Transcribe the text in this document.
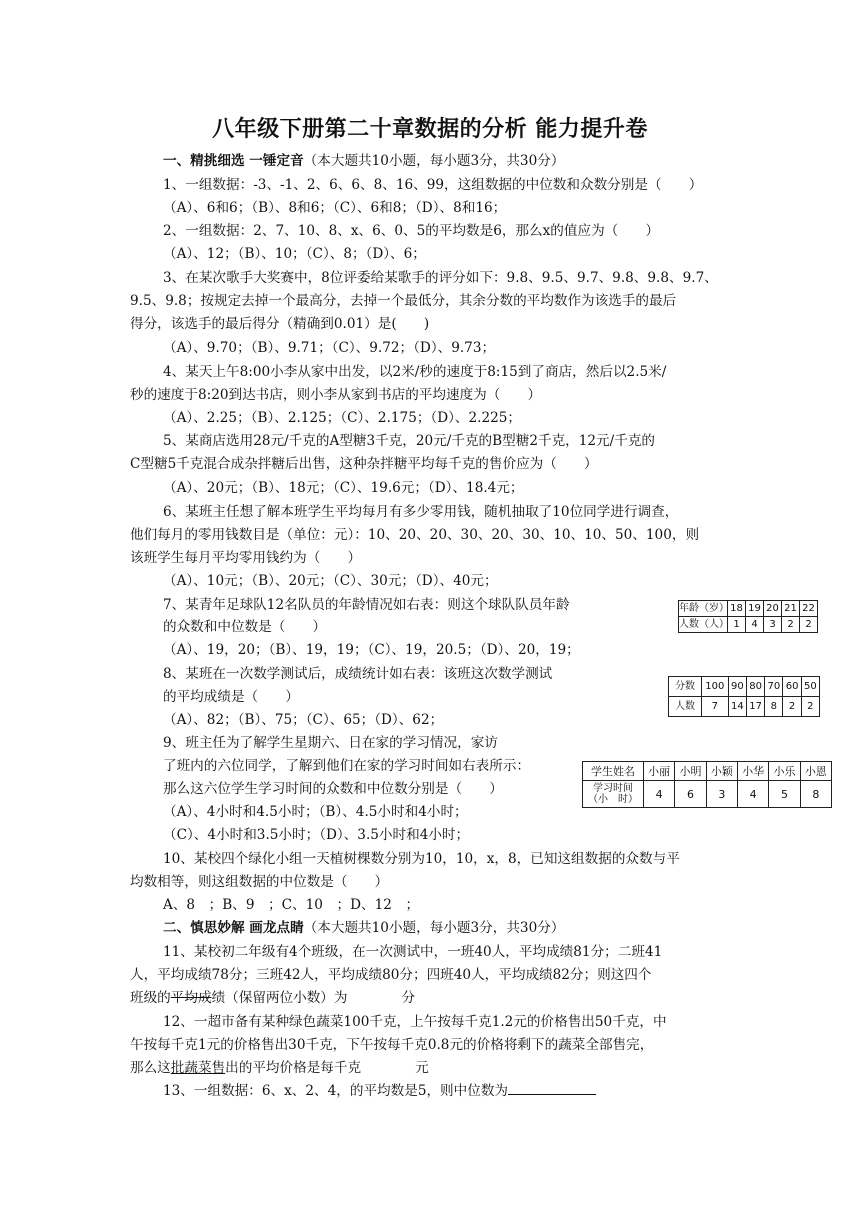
八年级下册第二十章数据的分析 能力提升卷
一、精挑细选 一锤定音（本大题共10小题，每小题3分，共30分）
1、一组数据：-3、-1、2、6、6、8、16、99，这组数据的中位数和众数分别是（　　）
（A）、6和6；（B）、8和6；（C）、6和8；（D）、8和16；
2、一组数据：2、7、10、8、x、6、0、5的平均数是6，那么x的值应为（　　）
（A）、12；（B）、10；（C）、8；（D）、6；
3、在某次歌手大奖赛中，8位评委给某歌手的评分如下：9.8、9.5、9.7、9.8、9.8、9.7、
9.5、9.8；按规定去掉一个最高分，去掉一个最低分，其余分数的平均数作为该选手的最后
得分，该选手的最后得分（精确到0.01）是(　　)
（A）、9.70；（B）、9.71；（C）、9.72；（D）、9.73；
4、某天上午8:00小李从家中出发，以2米/秒的速度于8:15到了商店，然后以2.5米/
秒的速度于8:20到达书店，则小李从家到书店的平均速度为（　　）
（A）、2.25；（B）、2.125；（C）、2.175；（D）、2.225；
5、某商店选用28元/千克的A型糖3千克，20元/千克的B型糖2千克，12元/千克的
C型糖5千克混合成杂拌糖后出售，这种杂拌糖平均每千克的售价应为（　　）
（A）、20元；（B）、18元；（C）、19.6元；（D）、18.4元；
6、某班主任想了解本班学生平均每月有多少零用钱，随机抽取了10位同学进行调查，
他们每月的零用钱数目是（单位：元）：10、20、20、30、20、30、10、10、50、100，则
该班学生每月平均零用钱约为（　　）
（A）、10元；（B）、20元；（C）、30元；（D）、40元；
7、某青年足球队12名队员的年龄情况如右表：则这个球队队员年龄
的众数和中位数是（　　）
（A）、19，20；（B）、19，19；（C）、19，20.5；（D）、20，19；
年龄（岁）	18	19	20	21	22
人数（人）	1	4	3	2	2
8、某班在一次数学测试后，成绩统计如右表：该班这次数学测试
的平均成绩是（　　）
（A）、82；（B）、75；（C）、65；（D）、62；
分数	100	90	80	70	60	50
人数	7	14	17	8	2	2
9、班主任为了解学生星期六、日在家的学习情况，家访
了班内的六位同学，了解到他们在家的学习时间如右表所示：
那么这六位学生学习时间的众数和中位数分别是（　　）
（A）、4小时和4.5小时；（B）、4.5小时和4小时；
（C）、4小时和3.5小时；（D）、3.5小时和4小时；
学生姓名	小丽	小明	小颖	小华	小乐	小恩

学习时间
（小　时）	4	6	3	4	5	8
10、某校四个绿化小组一天植树棵数分别为10，10，x，8，已知这组数据的众数与平
均数相等，则这组数据的中位数是（　　）
A、8　；B、9　；C、10　；D、12　；
二、慎思妙解 画龙点睛（本大题共10小题，每小题3分，共30分）
11、某校初二年级有4个班级，在一次测试中，一班40人，平均成绩81分；二班41
人，平均成绩78分；三班42人，平均成绩80分；四班40人，平均成绩82分；则这四个
班级的平均成绩（保留两位小数）为	分
12、一超市备有某种绿色蔬菜100千克，上午按每千克1.2元的价格售出50千克，中
午按每千克1元的价格售出30千克，下午按每千克0.8元的价格将剩下的蔬菜全部售完，
那么这批蔬菜售出的平均价格是每千克	元
13、一组数据：6、x、2、4，的平均数是5，则中位数为
